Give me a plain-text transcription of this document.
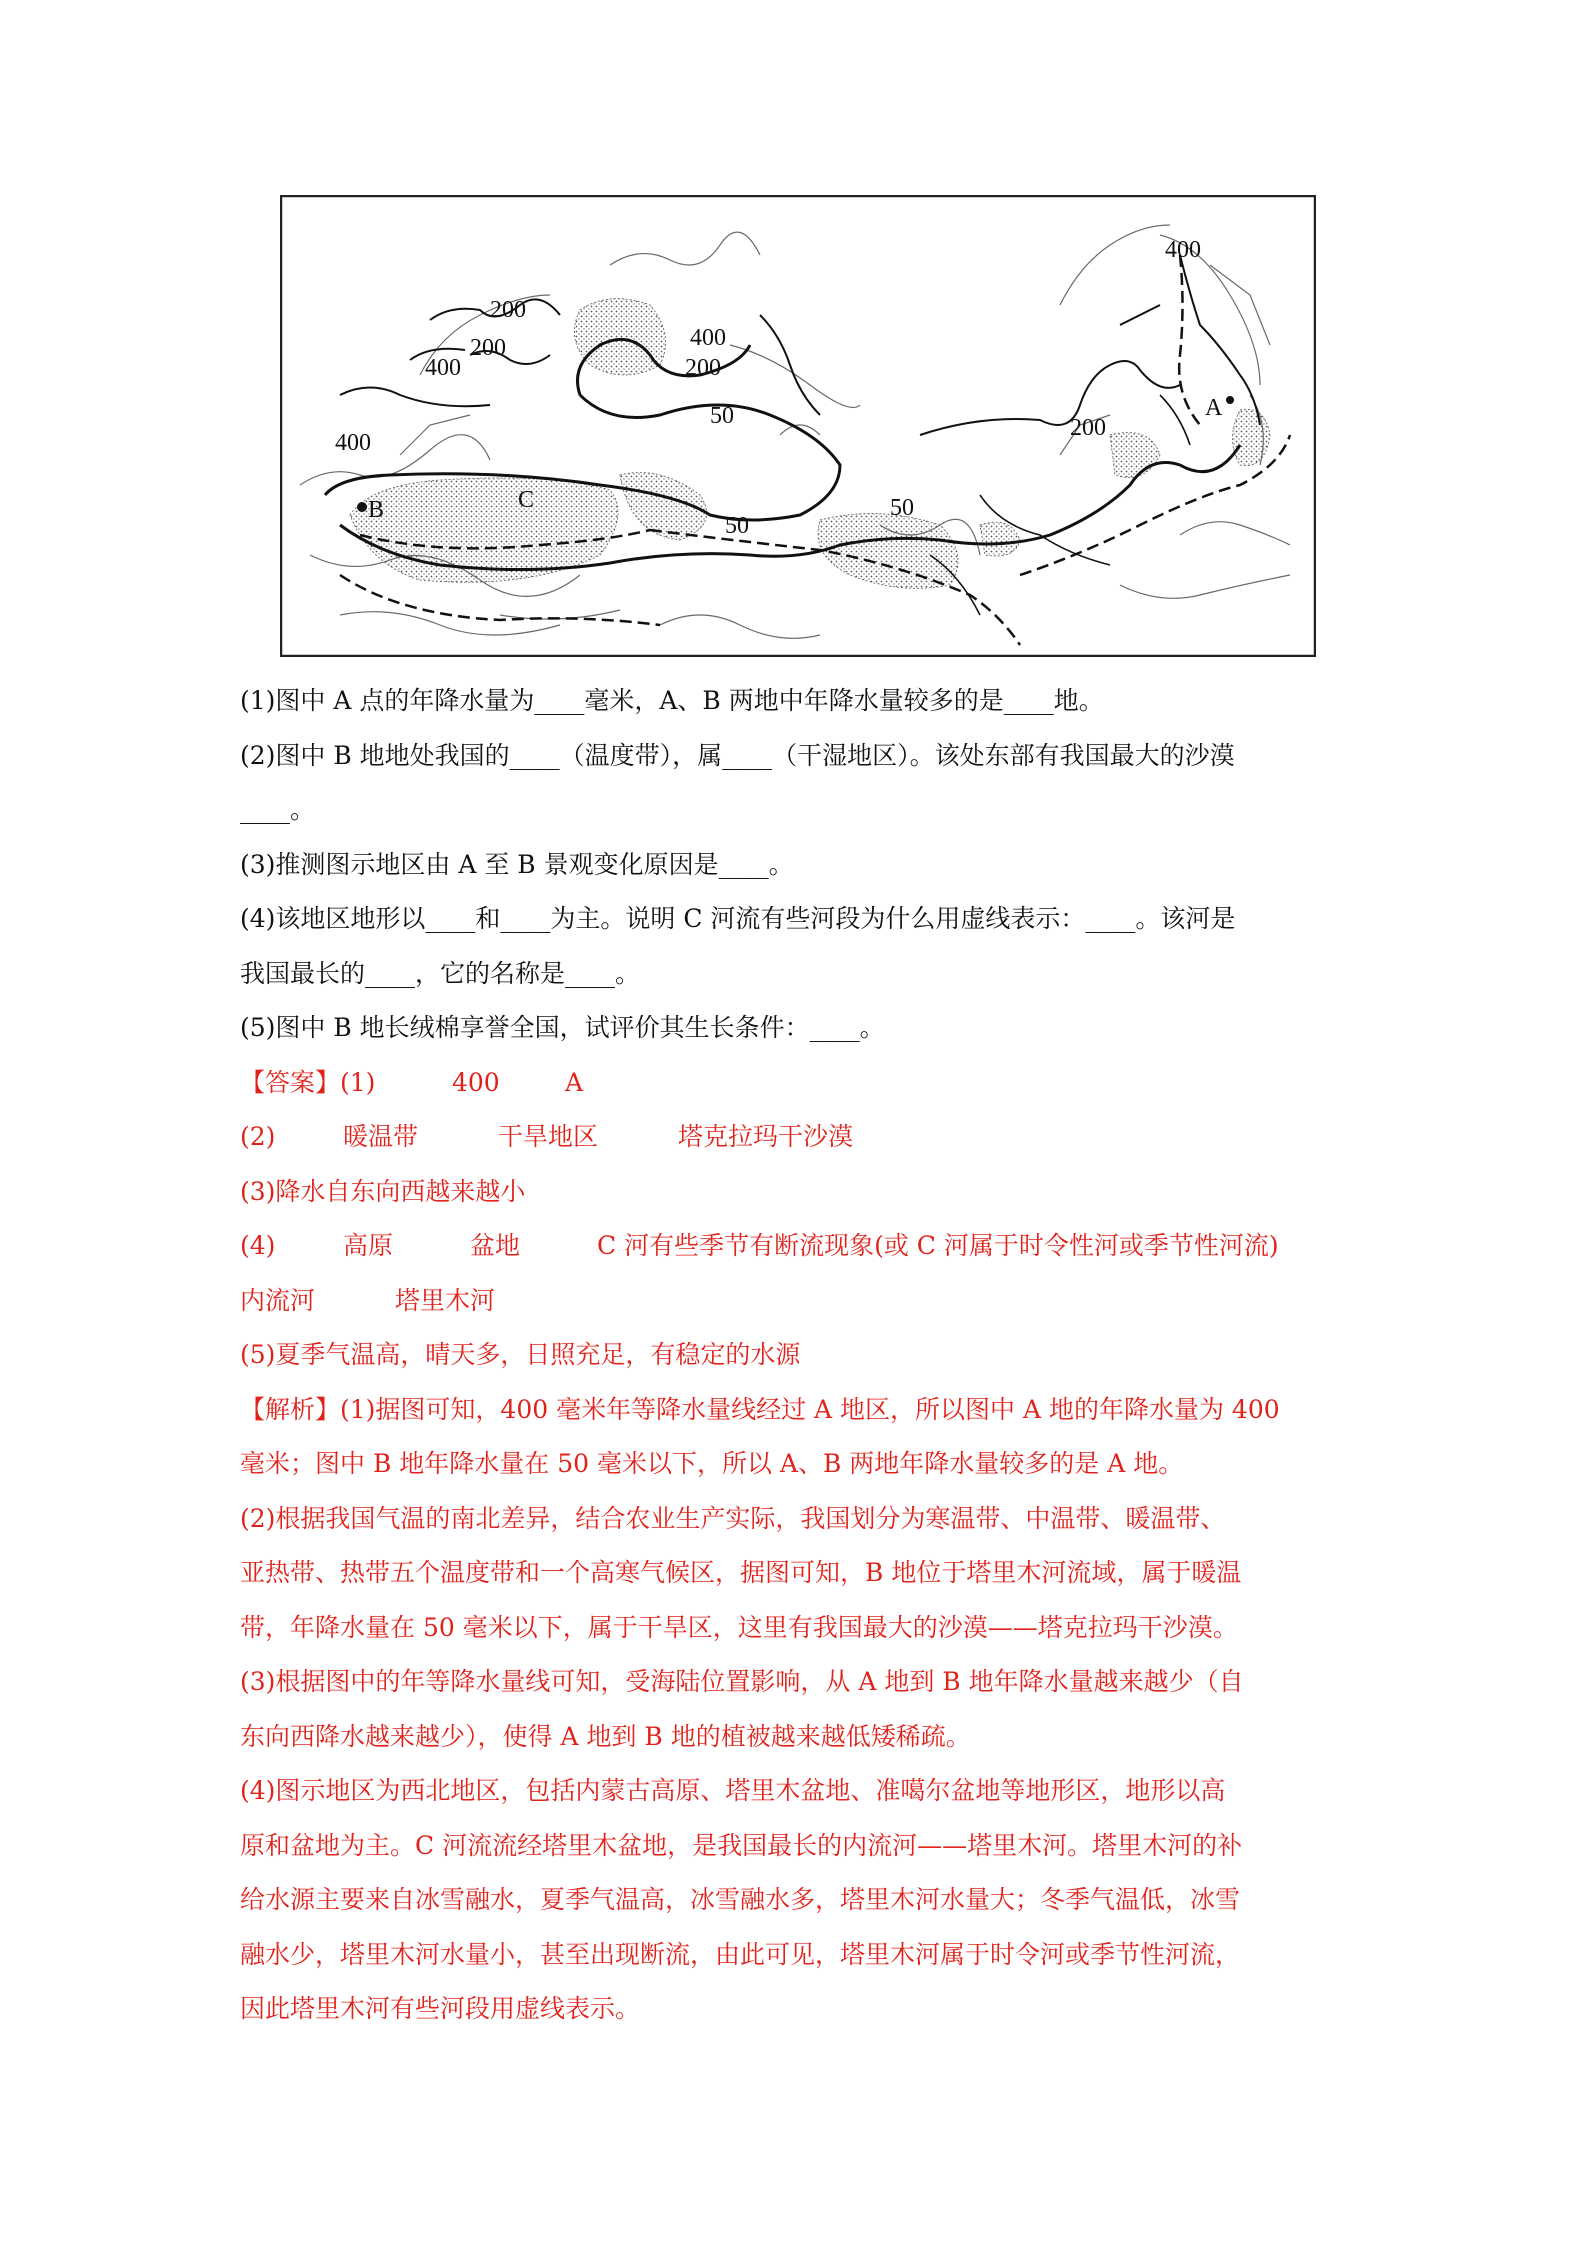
400
200
200
400
400
200
50
400
50
50
200
A
B	C
(1)图中 A 点的年降水量为____毫米，A、B 两地中年降水量较多的是____地。
(2)图中 B 地地处我国的____（温度带），属____（干湿地区）。该处东部有我国最大的沙漠
____。
(3)推测图示地区由 A 至 B 景观变化原因是____。
(4)该地区地形以____和____为主。说明 C 河流有些河段为什么用虚线表示：____。该河是
我国最长的____，它的名称是____。
(5)图中 B 地长绒棉享誉全国，试评价其生长条件：____。
【答案】(1)	400	A
(2)	暖温带	干旱地区	塔克拉玛干沙漠
(3)降水自东向西越来越小
(4)	高原	盆地	C 河有些季节有断流现象(或 C 河属于时令性河或季节性河流)
内流河	塔里木河
(5)夏季气温高，晴天多，日照充足，有稳定的水源
【解析】(1)据图可知，400 毫米年等降水量线经过 A 地区，所以图中 A 地的年降水量为 400
毫米；图中 B 地年降水量在 50 毫米以下，所以 A、B 两地年降水量较多的是 A 地。
(2)根据我国气温的南北差异，结合农业生产实际，我国划分为寒温带、中温带、暖温带、
亚热带、热带五个温度带和一个高寒气候区，据图可知，B 地位于塔里木河流域，属于暖温
带，年降水量在 50 毫米以下，属于干旱区，这里有我国最大的沙漠——塔克拉玛干沙漠。
(3)根据图中的年等降水量线可知，受海陆位置影响，从 A 地到 B 地年降水量越来越少（自
东向西降水越来越少），使得 A 地到 B 地的植被越来越低矮稀疏。
(4)图示地区为西北地区，包括内蒙古高原、塔里木盆地、准噶尔盆地等地形区，地形以高
原和盆地为主。C 河流流经塔里木盆地，是我国最长的内流河——塔里木河。塔里木河的补
给水源主要来自冰雪融水，夏季气温高，冰雪融水多，塔里木河水量大；冬季气温低，冰雪
融水少，塔里木河水量小，甚至出现断流，由此可见，塔里木河属于时令河或季节性河流，
因此塔里木河有些河段用虚线表示。
